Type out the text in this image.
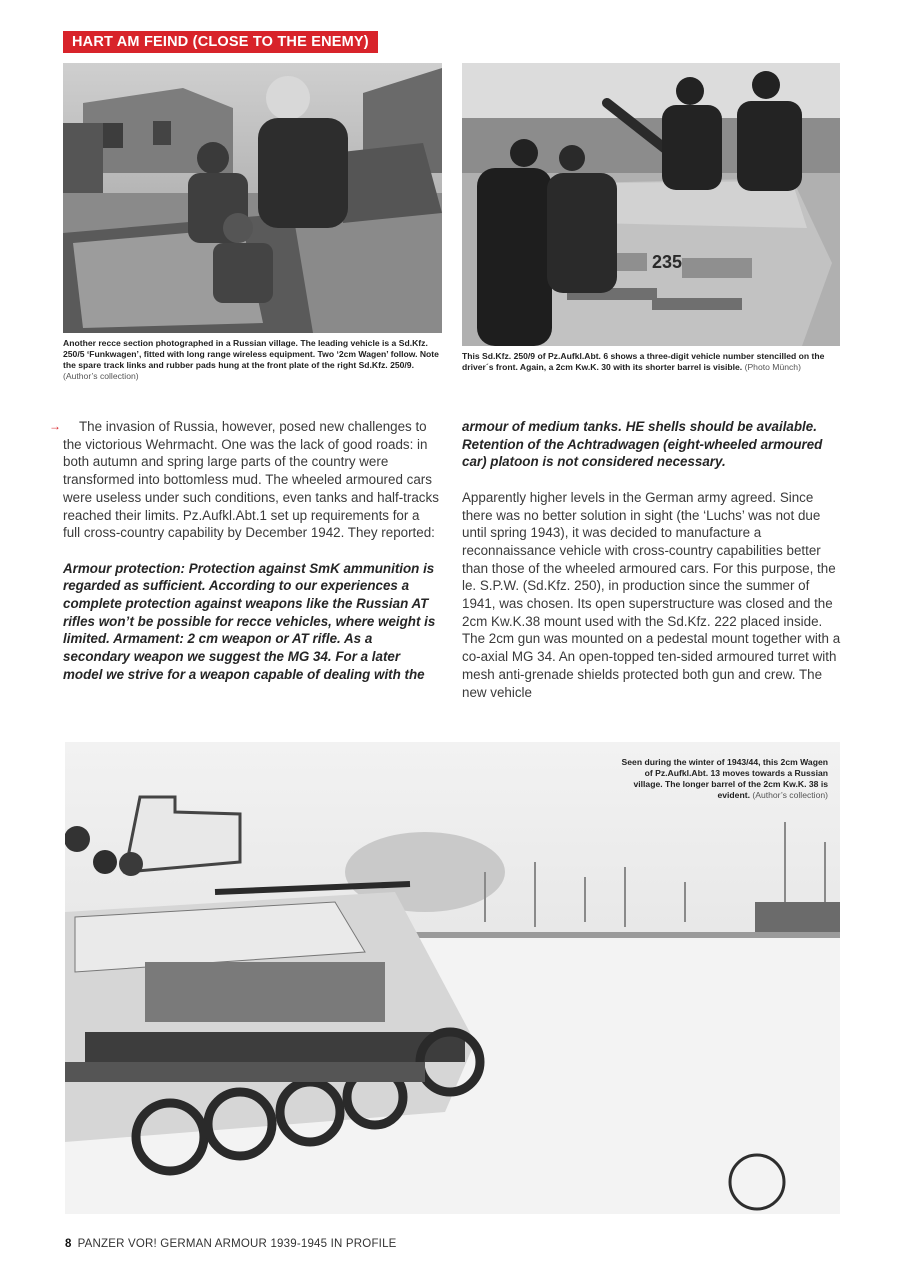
HART AM FEIND (CLOSE TO THE ENEMY)
Another recce section photographed in a Russian village. The leading vehicle is a Sd.Kfz. 250/5 ‘Funkwagen’, fitted with long range wireless equipment. Two ‘2cm Wagen’ follow. Note the spare track links and rubber pads hung at the front plate of the right Sd.Kfz. 250/9. (Author’s collection)
235
This Sd.Kfz. 250/9 of Pz.Aufkl.Abt. 6 shows a three-digit vehicle number stencilled on the driver´s front. Again, a 2cm Kw.K. 30 with its shorter barrel is visible. (Photo Münch)
→	The invasion of Russia, however, posed new challenges to the victorious Wehrmacht. One was the lack of good roads: in both autumn and spring large parts of the country were transformed into bottomless mud. The wheeled armoured cars were useless under such conditions, even tanks and half-tracks reached their limits. Pz.Aufkl.Abt.1 set up requirements for a full cross-country capability by December 1942. They reported:

Armour protection: Protection against SmK ammunition is regarded as sufficient. According to our experiences a complete protection against weapons like the Russian AT rifles won’t be possible for recce vehicles, where weight is limited. Armament: 2 cm weapon or AT rifle. As a secondary weapon we suggest the MG 34. For a later model we strive for a weapon capable of dealing with the

armour of medium tanks. HE shells should be available. Retention of the Achtradwagen (eight-wheeled armoured car) platoon is not considered necessary.

Apparently higher levels in the German army agreed. Since there was no better solution in sight (the ‘Luchs’ was not due until spring 1943), it was decided to manufacture a reconnaissance vehicle with cross-country capabilities better than those of the wheeled armoured cars. For this purpose, the le. S.P.W. (Sd.Kfz. 250), in production since the summer of 1941, was chosen. Its open superstructure was closed and the 2cm Kw.K.38 mount used with the Sd.Kfz. 222 placed inside. The 2cm gun was mounted on a pedestal mount together with a co-axial MG 34. An open-topped ten-sided armoured turret with mesh anti-grenade shields protected both gun and crew. The new vehicle

Seen during the winter of 1943/44, this 2cm Wagen of Pz.Aufkl.Abt. 13 moves towards a Russian village. The longer barrel of the 2cm Kw.K. 38 is evident. (Author’s collection)
8 PANZER VOR! GERMAN ARMOUR 1939-1945 IN PROFILE
